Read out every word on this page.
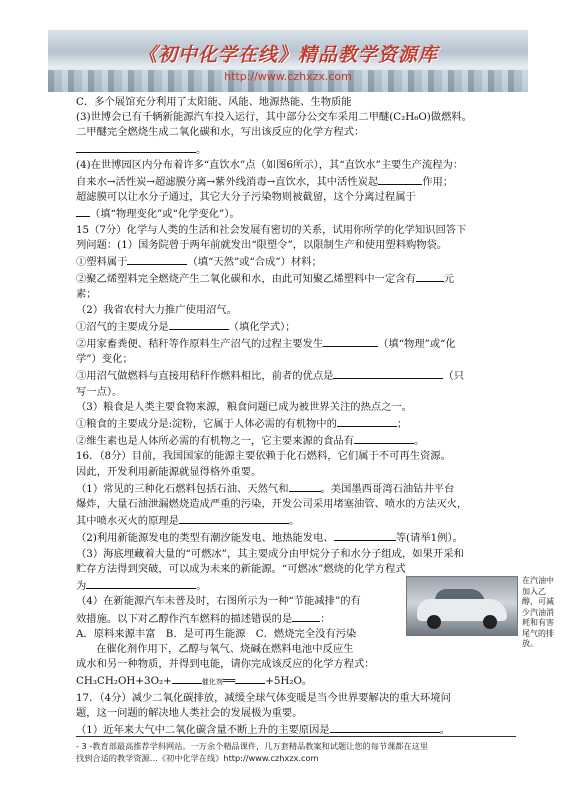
《初中化学在线》精品教学资源库
http://www.czhxzx.com

C．多个展馆充分利用了太阳能、风能、地源热能、生物质能

(3)世博会已有千辆新能源汽车投入运行，其中部分公交车采用二甲醚(C₂H₆O)做燃料。

二甲醚完全燃烧生成二氧化碳和水，写出该反应的化学方程式：

。

(4)在世博园区内分布着许多“直饮水”点（如图6所示），其“直饮水”主要生产流程为：

自来水→活性炭→超滤膜分离→紫外线消毒→直饮水，其中活性炭起	作用；

超滤膜可以让水分子通过，其它大分子污染物则被截留，这个分离过程属于

（填“物理变化”或“化学变化”）。

15（7分）化学与人类的生活和社会发展有密切的关系，试用你所学的化学知识回答下

列问题：(1）国务院曾于两年前就发出“限塑令”，以限制生产和使用塑料购物袋。

①塑料属于	（填“天然”或“合成”）材料；

②聚乙烯塑料完全燃烧产生二氧化碳和水，由此可知聚乙烯塑料中一定含有	元

素；

（2）我省农村大力推广使用沼气。

①沼气的主要成分是	（填化学式）；

②用家畜粪便、秸秆等作原料生产沼气的过程主要发生	（填“物理”或“化

学”）变化；

③用沼气做燃料与直接用秸秆作燃料相比，前者的优点是	（只

写一点）。

（3）粮食是人类主要食物来源，粮食问题已成为被世界关注的热点之一。

①粮食的主要成分是:淀粉，它属于人体必需的有机物中的	；

②维生素也是人体所必需的有机物之一，它主要来源的食品有	。

16．（8分）目前，我国国家的能源主要依赖于化石燃料，它们属于不可再生资源。

因此，开发利用新能源就显得格外重要。

（1）常见的三种化石燃料包括石油、天然气和	。美国墨西哥湾石油钻井平台

爆炸，大量石油泄漏燃烧造成严重的污染，开发公司采用堵塞油管、喷水的方法灭火，

其中喷水灭火的原理是	。

（2)利用新能源发电的类型有潮汐能发电、地热能发电、	等(请举1例）。

（3）海底埋藏着大量的“可燃冰”，其主要成分由甲烷分子和水分子组成，如果开采和

贮存方法得到突破，可以成为未来的新能源。“可燃冰”燃烧的化学方程式

为	。

（4）在新能源汽车未普及时，右图所示为一种“节能减排”的有

效措施。以下对乙醇作汽车燃料的描述错误的是	：

A．原料来源丰富　B．是可再生能源　C．燃烧完全没有污染

在催化剂作用下，乙醇与氧气、烧碱在燃料电池中反应生

成水和另一种物质，并得到电能，请你完成该反应的化学方程式：

CH₃CH₂OH+3O₂+	催化剂══	+5H₂O。

17．（4分）减少二氧化碳排放，减缓全球气体变暖是当今世界要解决的重大环境问

题，这一问题的解决地人类社会的发展极为重要。

（1）近年来大气中二氧化碳含量不断上升的主要原因是	。

在汽油中加入乙醇，可减少汽油消耗和有害尾气的排放。
- 3 -教育部最高推荐学科网站。一万余个精品课件，几万套精品教案和试题让您的每节课都在这里
找到合适的教学资源…《初中化学在线》http://www.czhxzx.com
